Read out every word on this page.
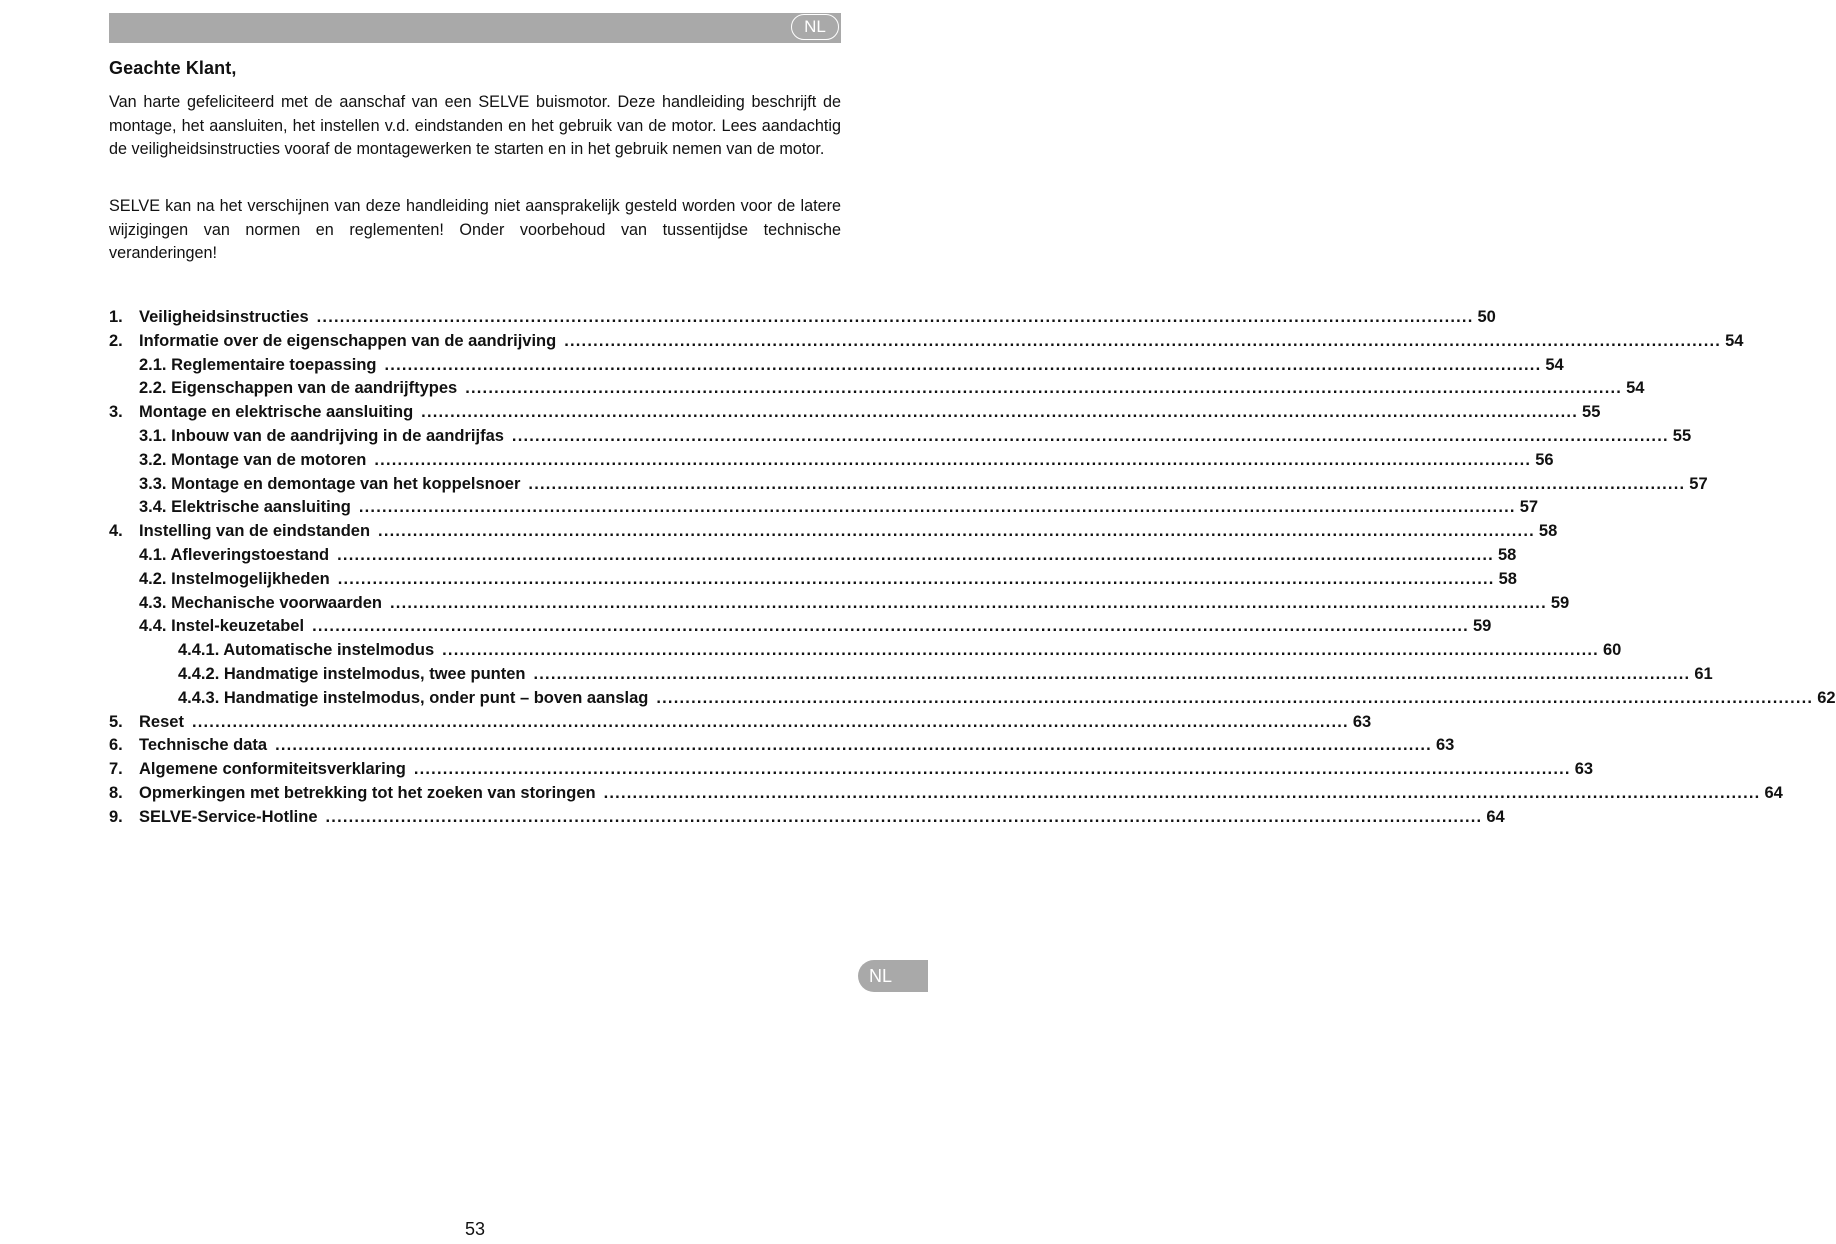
NL
Geachte Klant,

Van harte gefeliciteerd met de aanschaf van een SELVE buismotor. Deze handleiding beschrijft de montage, het aansluiten, het instellen v.d. eindstanden en het gebruik van de motor. Lees aandachtig de veiligheidsinstructies vooraf de montagewerken te starten en in het gebruik nemen van de motor.

SELVE kan na het verschijnen van deze handleiding niet aansprakelijk gesteld worden voor de latere wijzigingen van normen en reglementen! Onder voorbehoud van tussentijdse technische veranderingen!

1. Veiligheidsinstructies ........................................................................................................................................................................................................ 50
2. Informatie over de eigenschappen van de aandrijving ........................................................................................................................................................................................................ 54
2.1. Reglementaire toepassing ........................................................................................................................................................................................................ 54
2.2. Eigenschappen van de aandrijftypes ........................................................................................................................................................................................................ 54
3. Montage en elektrische aansluiting ........................................................................................................................................................................................................ 55
3.1. Inbouw van de aandrijving in de aandrijfas ........................................................................................................................................................................................................ 55
3.2. Montage van de motoren ........................................................................................................................................................................................................ 56
3.3. Montage en demontage van het koppelsnoer ........................................................................................................................................................................................................ 57
3.4. Elektrische aansluiting ........................................................................................................................................................................................................ 57
4. Instelling van de eindstanden ........................................................................................................................................................................................................ 58
4.1. Afleveringstoestand ........................................................................................................................................................................................................ 58
4.2. Instelmogelijkheden ........................................................................................................................................................................................................ 58
4.3. Mechanische voorwaarden ........................................................................................................................................................................................................ 59
4.4. Instel-keuzetabel ........................................................................................................................................................................................................ 59
4.4.1. Automatische instelmodus ........................................................................................................................................................................................................ 60
4.4.2. Handmatige instelmodus, twee punten ........................................................................................................................................................................................................ 61
4.4.3. Handmatige instelmodus, onder punt – boven aanslag ........................................................................................................................................................................................................ 62
5. Reset ........................................................................................................................................................................................................ 63
6. Technische data ........................................................................................................................................................................................................ 63
7. Algemene conformiteitsverklaring ........................................................................................................................................................................................................ 63
8. Opmerkingen met betrekking tot het zoeken van storingen ........................................................................................................................................................................................................ 64
9. SELVE-Service-Hotline ........................................................................................................................................................................................................ 64
NL
53
